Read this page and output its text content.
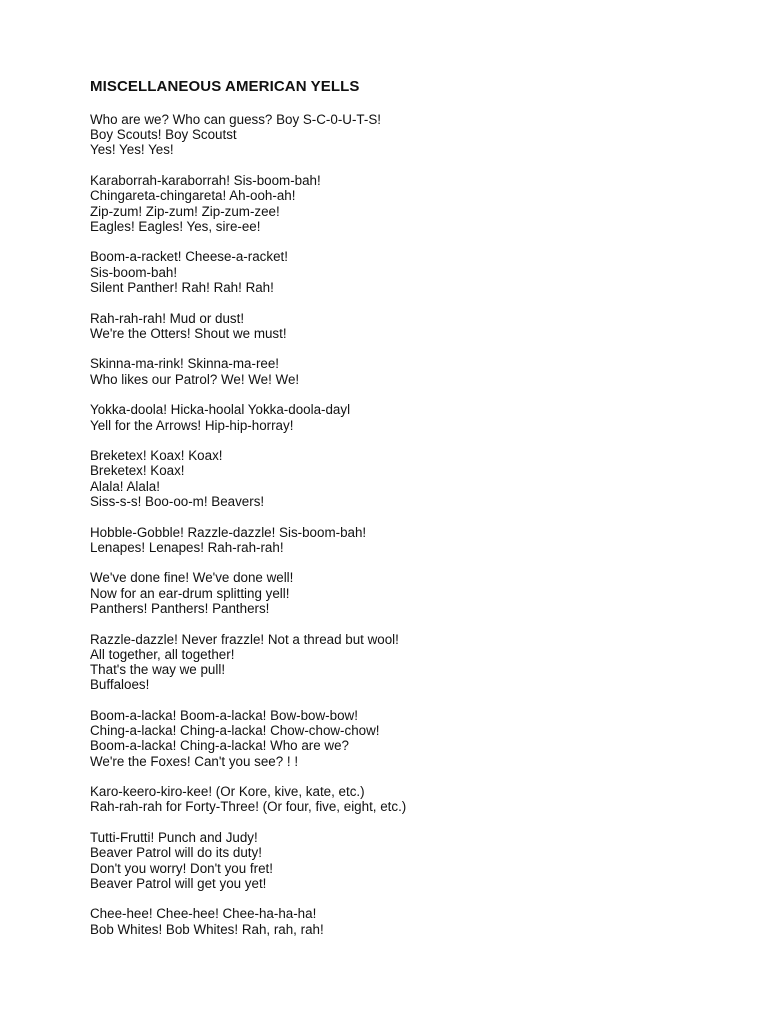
MISCELLANEOUS AMERICAN YELLS
Who are we? Who can guess? Boy S-C-0-U-T-S!
Boy Scouts! Boy Scoutst
Yes! Yes! Yes!
Karaborrah-karaborrah! Sis-boom-bah!
Chingareta-chingareta! Ah-ooh-ah!
Zip-zum! Zip-zum! Zip-zum-zee!
Eagles! Eagles! Yes, sire-ee!
Boom-a-racket! Cheese-a-racket!
Sis-boom-bah!
Silent Panther! Rah! Rah! Rah!
Rah-rah-rah! Mud or dust!
We're the Otters! Shout we must!
Skinna-ma-rink! Skinna-ma-ree!
Who likes our Patrol? We! We! We!
Yokka-doola! Hicka-hoolal Yokka-doola-dayl
Yell for the Arrows! Hip-hip-horray!
Breketex! Koax! Koax!
Breketex! Koax!
Alala! Alala!
Siss-s-s! Boo-oo-m! Beavers!
Hobble-Gobble! Razzle-dazzle! Sis-boom-bah!
Lenapes! Lenapes! Rah-rah-rah!
We've done fine! We've done well!
Now for an ear-drum splitting yell!
Panthers! Panthers! Panthers!
Razzle-dazzle! Never frazzle! Not a thread but wool!
All together, all together!
That's the way we pull!
Buffaloes!
Boom-a-lacka! Boom-a-lacka! Bow-bow-bow!
Ching-a-lacka! Ching-a-lacka! Chow-chow-chow!
Boom-a-lacka! Ching-a-lacka! Who are we?
We're the Foxes! Can't you see? ! !
Karo-keero-kiro-kee! (Or Kore, kive, kate, etc.)
Rah-rah-rah for Forty-Three! (Or four, five, eight, etc.)
Tutti-Frutti! Punch and Judy!
Beaver Patrol will do its duty!
Don't you worry! Don't you fret!
Beaver Patrol will get you yet!
Chee-hee! Chee-hee! Chee-ha-ha-ha!
Bob Whites! Bob Whites! Rah, rah, rah!
